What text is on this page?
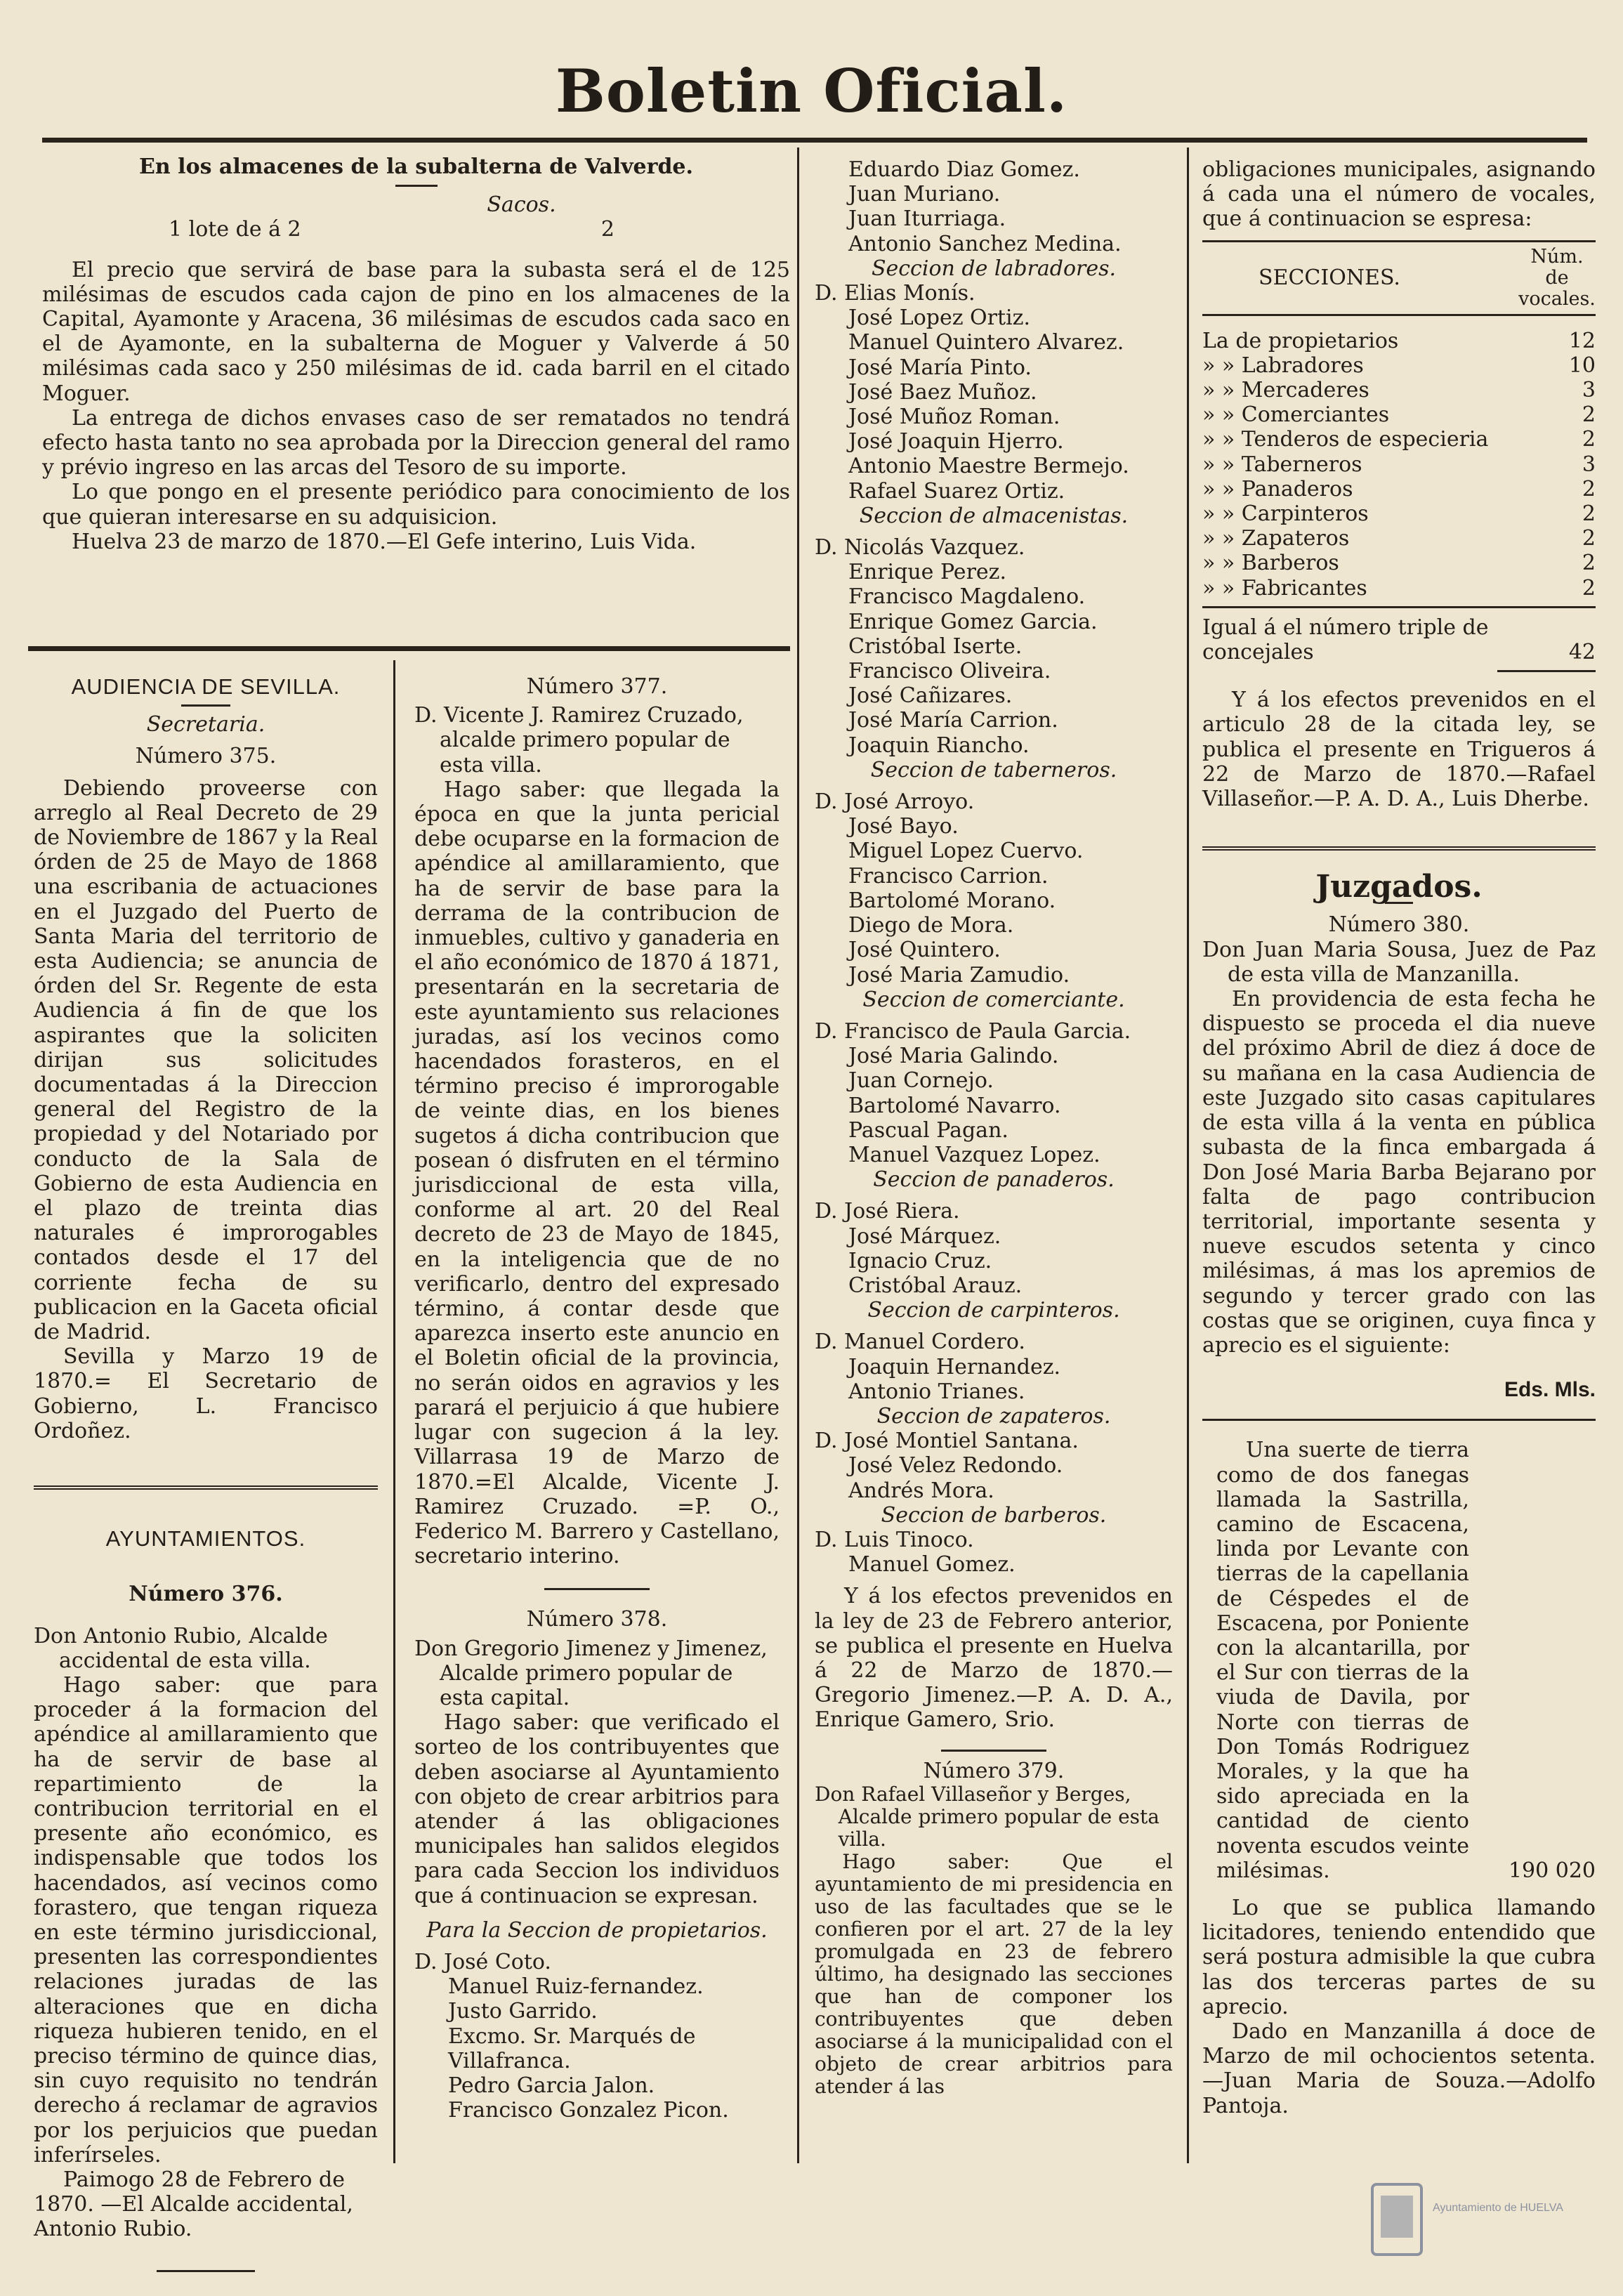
Boletin Oficial.

En los almacenes de la subalterna de Valverde.

Sacos.

1 lote de á 2	2

El precio que servirá de base para la subasta será el de 125 milésimas de escudos cada cajon de pino en los almacenes de la Capital, Ayamonte y Aracena, 36 milésimas de escudos cada saco en el de Ayamonte, en la subalterna de Moguer y Valverde á 50 milésimas cada saco y 250 milésimas de id. cada barril en el citado Moguer.

La entrega de dichos envases caso de ser rematados no tendrá efecto hasta tanto no sea aprobada por la Direccion general del ramo y prévio ingreso en las arcas del Tesoro de su importe.

Lo que pongo en el presente periódico para conocimiento de los que quieran interesarse en su adquisicion.

Huelva 23 de marzo de 1870.—El Gefe interino, Luis Vida.

AUDIENCIA DE SEVILLA.

Secretaria.

Número 375.

Debiendo proveerse con arreglo al Real Decreto de 29 de Noviembre de 1867 y la Real órden de 25 de Mayo de 1868 una escribania de actuaciones en el Juzgado del Puerto de Santa Maria del territorio de esta Audiencia; se anuncia de órden del Sr. Regente de esta Audiencia á fin de que los aspirantes que la soliciten dirijan sus solicitudes documentadas á la Direccion general del Registro de la propiedad y del Notariado por conducto de la Sala de Gobierno de esta Audiencia en el plazo de treinta dias naturales é improrogables contados desde el 17 del corriente fecha de su publicacion en la Gaceta oficial de Madrid.

Sevilla y Marzo 19 de 1870.= El Secretario de Gobierno, L. Francisco Ordoñez.

AYUNTAMIENTOS.

Número 376.

Don Antonio Rubio, Alcalde accidental de esta villa.

Hago saber: que para proceder á la formacion del apéndice al amillaramiento que ha de servir de base al repartimiento de la contribucion territorial en el presente año económico, es indispensable que todos los hacendados, así vecinos como forastero, que tengan riqueza en este término jurisdiccional, presenten las correspondientes relaciones juradas de las alteraciones que en dicha riqueza hubieren tenido, en el preciso término de quince dias, sin cuyo requisito no tendrán derecho á reclamar de agravios por los perjuicios que puedan inferírseles.

Paimogo 28 de Febrero de 1870. —El Alcalde accidental, Antonio Rubio.

Número 377.

D. Vicente J. Ramirez Cruzado, alcalde primero popular de esta villa.

Hago saber: que llegada la época en que la junta pericial debe ocuparse en la formacion de apéndice al amillaramiento, que ha de servir de base para la derrama de la contribucion de inmuebles, cultivo y ganaderia en el año económico de 1870 á 1871, presentarán en la secretaria de este ayuntamiento sus relaciones juradas, así los vecinos como hacendados forasteros, en el término preciso é improrogable de veinte dias, en los bienes sugetos á dicha contribucion que posean ó disfruten en el término jurisdiccional de esta villa, conforme al art. 20 del Real decreto de 23 de Mayo de 1845, en la inteligencia que de no verificarlo, dentro del expresado término, á contar desde que aparezca inserto este anuncio en el Boletin oficial de la provincia, no serán oidos en agravios y les parará el perjuicio á que hubiere lugar con sugecion á la ley. Villarrasa 19 de Marzo de 1870.=El Alcalde, Vicente J. Ramirez Cruzado. =P. O., Federico M. Barrero y Castellano, secretario interino.

Número 378.

Don Gregorio Jimenez y Jimenez, Alcalde primero popular de esta capital.

Hago saber: que verificado el sorteo de los contribuyentes que deben asociarse al Ayuntamiento con objeto de crear arbitrios para atender á las obligaciones municipales han salidos elegidos para cada Seccion los individuos que á continuacion se expresan.

Para la Seccion de propietarios.

D. José Coto.

Manuel Ruiz-fernandez.

Justo Garrido.

Excmo. Sr. Marqués de Villafranca.

Pedro Garcia Jalon.

Francisco Gonzalez Picon.

Eduardo Diaz Gomez.

Juan Muriano.

Juan Iturriaga.

Antonio Sanchez Medina.

Seccion de labradores.

D. Elias Monís.

José Lopez Ortiz.

Manuel Quintero Alvarez.

José María Pinto.

José Baez Muñoz.

José Muñoz Roman.

José Joaquin Hjerro.

Antonio Maestre Bermejo.

Rafael Suarez Ortiz.

Seccion de almacenistas.

D. Nicolás Vazquez.

Enrique Perez.

Francisco Magdaleno.

Enrique Gomez Garcia.

Cristóbal Iserte.

Francisco Oliveira.

José Cañizares.

José María Carrion.

Joaquin Riancho.

Seccion de taberneros.

D. José Arroyo.

José Bayo.

Miguel Lopez Cuervo.

Francisco Carrion.

Bartolomé Morano.

Diego de Mora.

José Quintero.

José Maria Zamudio.

Seccion de comerciante.

D. Francisco de Paula Garcia.

José Maria Galindo.

Juan Cornejo.

Bartolomé Navarro.

Pascual Pagan.

Manuel Vazquez Lopez.

Seccion de panaderos.

D. José Riera.

José Márquez.

Ignacio Cruz.

Cristóbal Arauz.

Seccion de carpinteros.

D. Manuel Cordero.

Joaquin Hernandez.

Antonio Trianes.

Seccion de zapateros.

D. José Montiel Santana.

José Velez Redondo.

Andrés Mora.

Seccion de barberos.

D. Luis Tinoco.

Manuel Gomez.

Y á los efectos prevenidos en la ley de 23 de Febrero anterior, se publica el presente en Huelva á 22 de Marzo de 1870.—Gregorio Jimenez.—P. A. D. A., Enrique Gamero, Srio.

Número 379.

Don Rafael Villaseñor y Berges, Alcalde primero popular de esta villa.

Hago saber: Que el ayuntamiento de mi presidencia en uso de las facultades que se le confieren por el art. 27 de la ley promulgada en 23 de febrero último, ha designado las secciones que han de componer los contribuyentes que deben asociarse á la municipalidad con el objeto de crear arbitrios para atender á las

obligaciones municipales, asignando á cada una el número de vocales, que á continuacion se espresa:

SECCIONES.
Núm. de vocales.
La de propietarios	12
» » Labradores	10
» » Mercaderes	3
» » Comerciantes	2
» » Tenderos de especieria	2
» » Taberneros	3
» » Panaderos	2
» » Carpinteros	2
» » Zapateros	2
» » Barberos	2
» » Fabricantes	2
Igual á el número triple de concejales	42

Y á los efectos prevenidos en el articulo 28 de la citada ley, se publica el presente en Trigueros á 22 de Marzo de 1870.—Rafael Villaseñor.—P. A. D. A., Luis Dherbe.

Juzgados.

Número 380.

Don Juan Maria Sousa, Juez de Paz de esta villa de Manzanilla.

En providencia de esta fecha he dispuesto se proceda el dia nueve del próximo Abril de diez á doce de su mañana en la casa Audiencia de este Juzgado sito casas capitulares de esta villa á la venta en pública subasta de la finca embargada á Don José Maria Barba Bejarano por falta de pago contribucion territorial, importante sesenta y nueve escudos setenta y cinco milésimas, á mas los apremios de segundo y tercer grado con las costas que se originen, cuya finca y aprecio es el siguiente:

Eds. Mls.

Una suerte de tierra como de dos fanegas llamada la Sastrilla, camino de Escacena, linda por Levante con tierras de la capellania de Céspedes el de Escacena, por Poniente con la alcantarilla, por el Sur con tierras de la viuda de Davila, por Norte con tierras de Don Tomás Rodriguez Morales, y la que ha sido apreciada en la cantidad de ciento noventa escudos veinte milésimas.	190 020

Lo que se publica llamando licitadores, teniendo entendido que será postura admisible la que cubra las dos terceras partes de su aprecio.

Dado en Manzanilla á doce de Marzo de mil ochocientos setenta. —Juan Maria de Souza.—Adolfo Pantoja.

Ayuntamiento de HUELVA
